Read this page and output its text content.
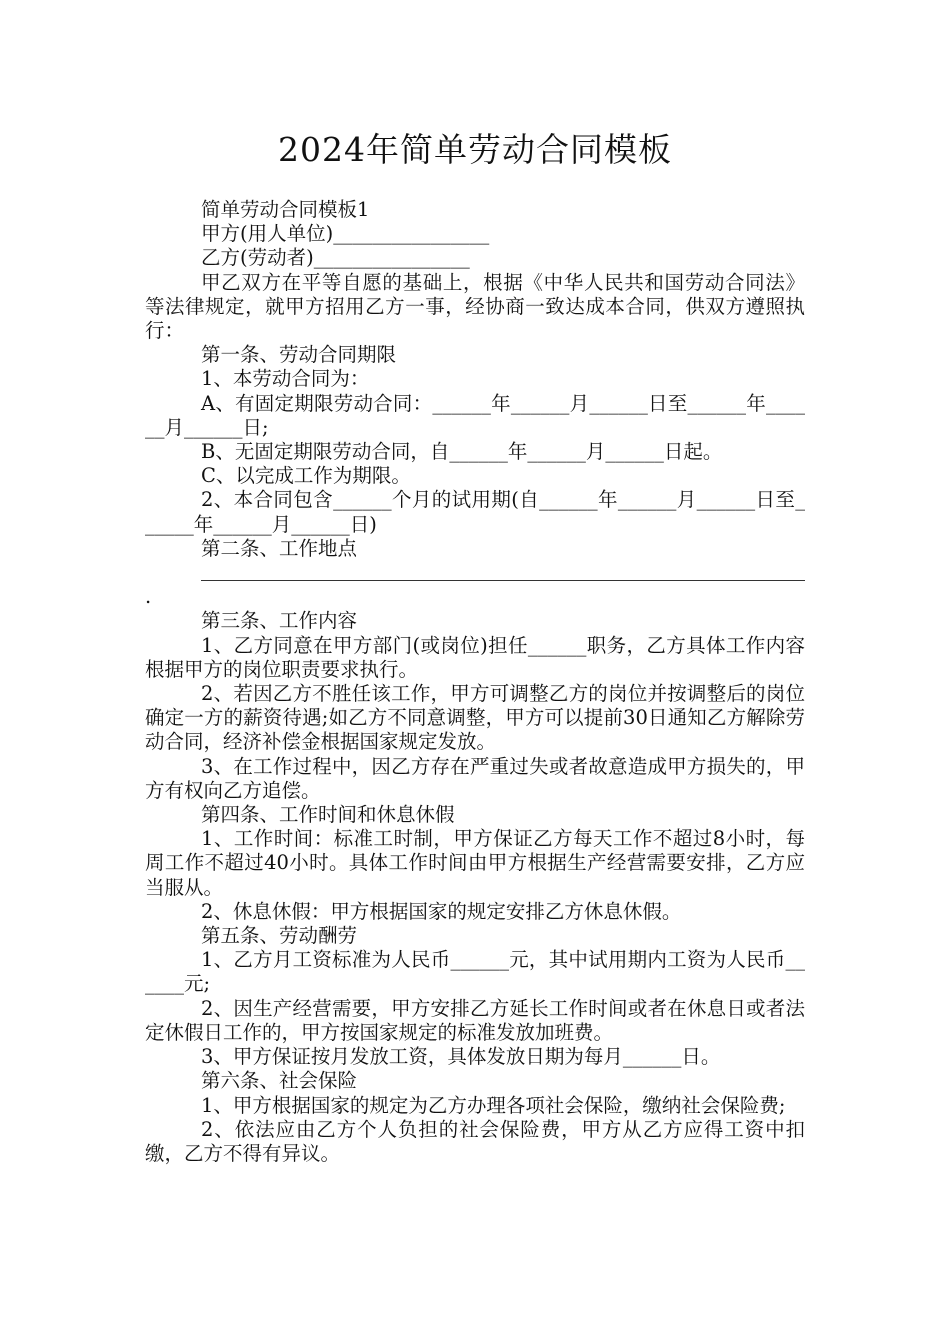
2024年简单劳动合同模板

简单劳动合同模板1

甲方(用人单位)________________

乙方(劳动者)________________

甲乙双方在平等自愿的基础上，根据《中华人民共和国劳动合同法》等法律规定，就甲方招用乙方一事，经协商一致达成本合同，供双方遵照执行：

第一条、劳动合同期限

1、本劳动合同为：

A、有固定期限劳动合同：______年______月______日至______年______月______日;

B、无固定期限劳动合同，自______年______月______日起。

C、以完成工作为期限。

2、本合同包含______个月的试用期(自______年______月______日至______年______月______日)

第二条、工作地点

.

第三条、工作内容

1、乙方同意在甲方部门(或岗位)担任______职务，乙方具体工作内容根据甲方的岗位职责要求执行。

2、若因乙方不胜任该工作，甲方可调整乙方的岗位并按调整后的岗位确定一方的薪资待遇;如乙方不同意调整，甲方可以提前30日通知乙方解除劳动合同，经济补偿金根据国家规定发放。

3、在工作过程中，因乙方存在严重过失或者故意造成甲方损失的，甲方有权向乙方追偿。

第四条、工作时间和休息休假

1、工作时间：标准工时制，甲方保证乙方每天工作不超过8小时，每周工作不超过40小时。具体工作时间由甲方根据生产经营需要安排，乙方应当服从。

2、休息休假：甲方根据国家的规定安排乙方休息休假。

第五条、劳动酬劳

1、乙方月工资标准为人民币______元，其中试用期内工资为人民币______元;

2、因生产经营需要，甲方安排乙方延长工作时间或者在休息日或者法定休假日工作的，甲方按国家规定的标准发放加班费。

3、甲方保证按月发放工资，具体发放日期为每月______日。

第六条、社会保险

1、甲方根据国家的规定为乙方办理各项社会保险，缴纳社会保险费;

2、依法应由乙方个人负担的社会保险费，甲方从乙方应得工资中扣缴，乙方不得有异议。
